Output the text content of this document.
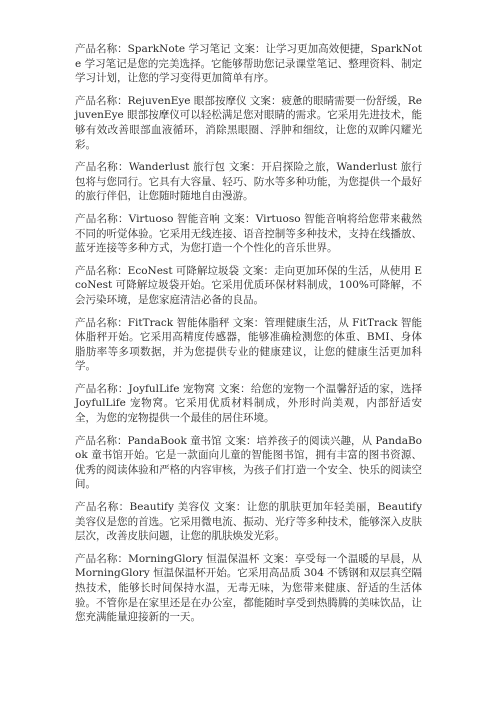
产品名称：SparkNote 学习笔记 文案：让学习更加高效便捷，SparkNote 学习笔记是您的完美选择。它能够帮助您记录课堂笔记、整理资料、制定学习计划，让您的学习变得更加简单有序。

产品名称：RejuvenEye 眼部按摩仪 文案：疲惫的眼睛需要一份舒缓，RejuvenEye 眼部按摩仪可以轻松满足您对眼睛的需求。它采用先进技术，能够有效改善眼部血液循环，消除黑眼圈、浮肿和细纹，让您的双眸闪耀光彩。

产品名称：Wanderlust 旅行包 文案：开启探险之旅，Wanderlust 旅行包将与您同行。它具有大容量、轻巧、防水等多种功能，为您提供一个最好的旅行伴侣，让您随时随地自由漫游。

产品名称：Virtuoso 智能音响 文案：Virtuoso 智能音响将给您带来截然不同的听觉体验。它采用无线连接、语音控制等多种技术，支持在线播放、蓝牙连接等多种方式，为您打造一个个性化的音乐世界。

产品名称：EcoNest 可降解垃圾袋 文案：走向更加环保的生活，从使用 EcoNest 可降解垃圾袋开始。它采用优质环保材料制成，100%可降解，不会污染环境，是您家庭清洁必备的良品。

产品名称：FitTrack 智能体脂秤 文案：管理健康生活，从 FitTrack 智能体脂秤开始。它采用高精度传感器，能够准确检测您的体重、BMI、身体脂肪率等多项数据，并为您提供专业的健康建议，让您的健康生活更加科学。

产品名称：JoyfulLife 宠物窝 文案：给您的宠物一个温馨舒适的家，选择 JoyfulLife 宠物窝。它采用优质材料制成，外形时尚美观，内部舒适安全，为您的宠物提供一个最佳的居住环境。

产品名称：PandaBook 童书馆 文案：培养孩子的阅读兴趣，从 PandaBook 童书馆开始。它是一款面向儿童的智能图书馆，拥有丰富的图书资源、优秀的阅读体验和严格的内容审核，为孩子们打造一个安全、快乐的阅读空间。

产品名称：Beautify 美容仪 文案：让您的肌肤更加年轻美丽，Beautify 美容仪是您的首选。它采用微电流、振动、光疗等多种技术，能够深入皮肤层次，改善皮肤问题，让您的肌肤焕发光彩。

产品名称：MorningGlory 恒温保温杯 文案：享受每一个温暖的早晨，从 MorningGlory 恒温保温杯开始。它采用高品质 304 不锈钢和双层真空隔热技术，能够长时间保持水温，无毒无味，为您带来健康、舒适的生活体验。不管你是在家里还是在办公室，都能随时享受到热腾腾的美味饮品，让您充满能量迎接新的一天。
